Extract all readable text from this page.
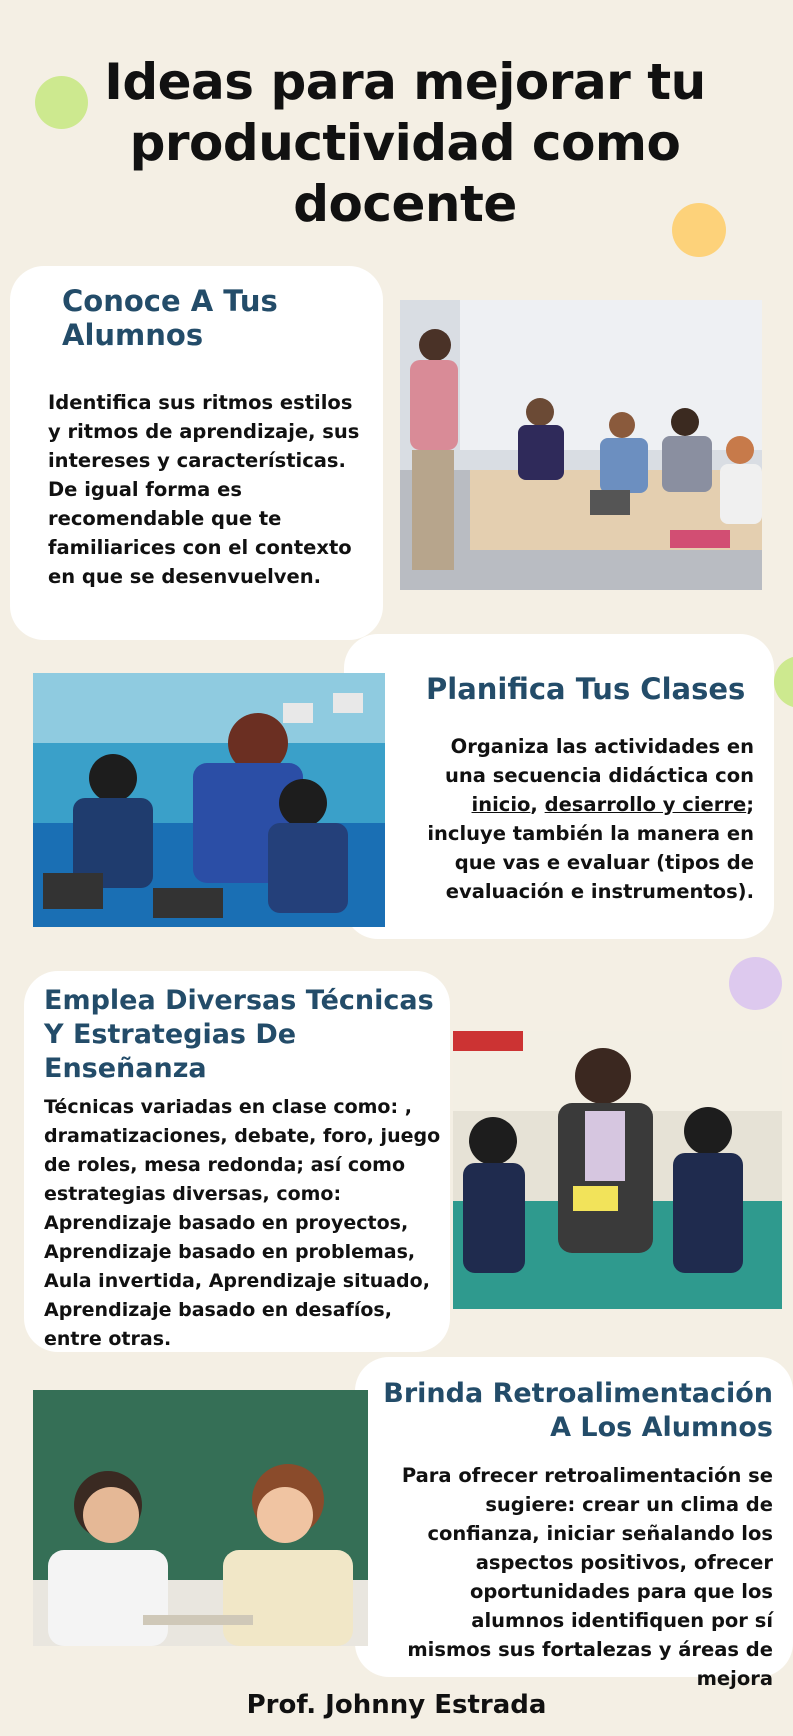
Ideas para mejorar tu productividad como docente
Conoce A Tus Alumnos

Identifica sus ritmos estilos y ritmos de aprendizaje, sus intereses y características. De igual forma es recomendable que te familiarices con el contexto en que se desenvuelven.

Planifica Tus Clases

Organiza las actividades en una secuencia didáctica con inicio, desarrollo y cierre; incluye también la manera en que vas e evaluar (tipos de evaluación e instrumentos).

Emplea Diversas Técnicas Y Estrategias De Enseñanza

Técnicas variadas en clase como: , dramatizaciones, debate, foro, juego de roles, mesa redonda; así como estrategias diversas, como: Aprendizaje basado en proyectos, Aprendizaje basado en problemas, Aula invertida, Aprendizaje situado, Aprendizaje basado en desafíos, entre otras.

Brinda Retroalimentación A Los Alumnos

Para ofrecer retroalimentación se sugiere: crear un clima de confianza, iniciar señalando los aspectos positivos, ofrecer oportunidades para que los alumnos identifiquen por sí mismos sus fortalezas y áreas de mejora

Prof. Johnny Estrada
